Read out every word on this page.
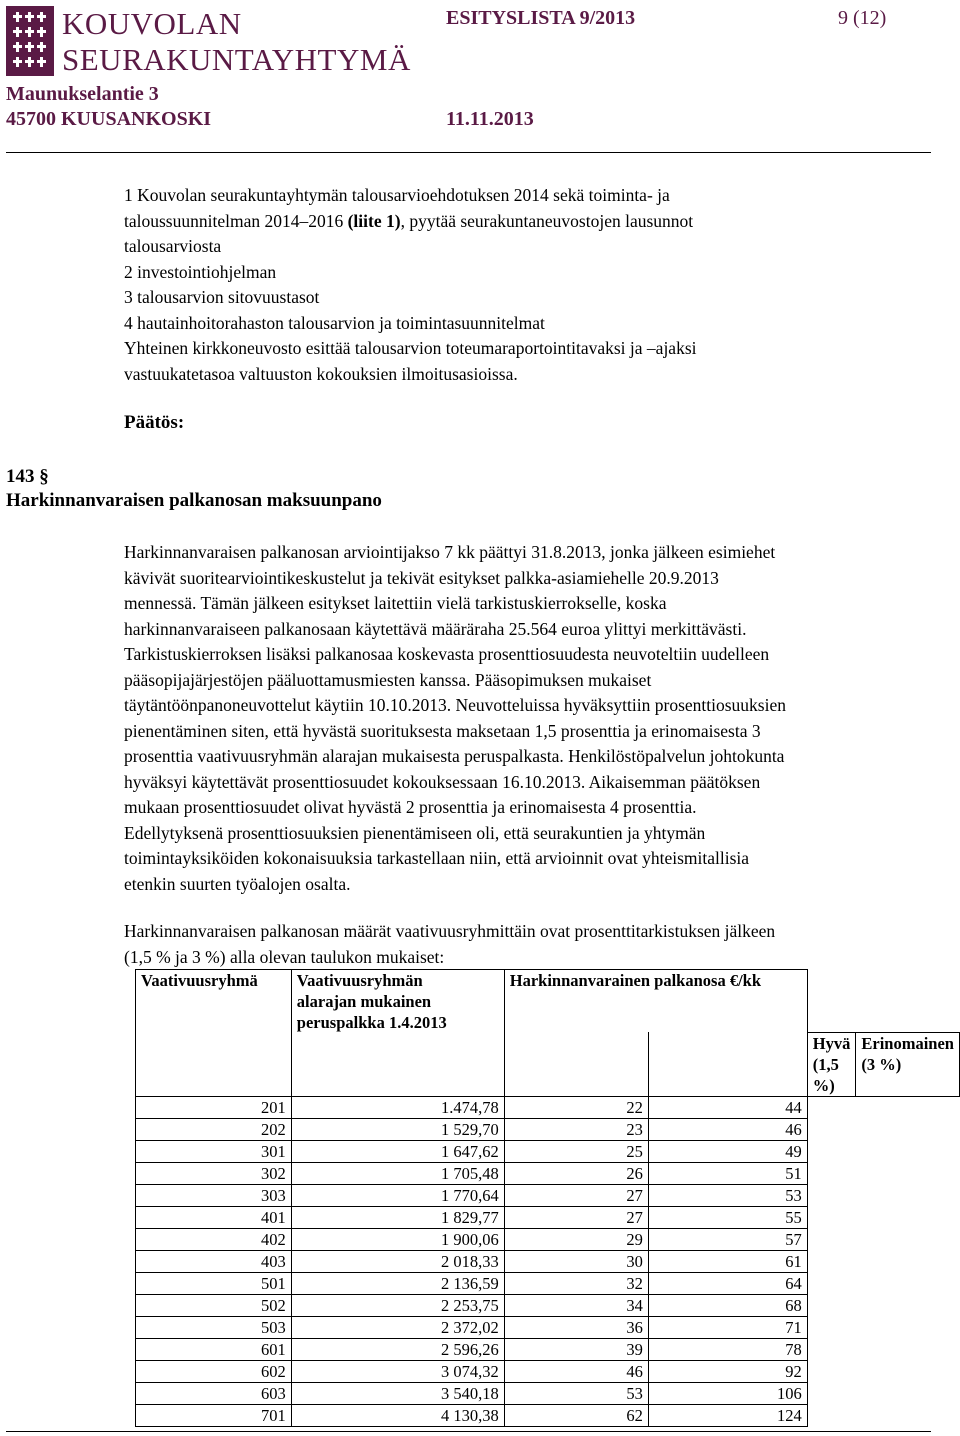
KOUVOLAN
SEURAKUNTAYHTYMÄ
Maunukselantie 3
45700 KUUSANKOSKI
ESITYSLISTA 9/2013	9 (12)
11.11.2013
1 Kouvolan seurakuntayhtymän talousarvioehdotuksen 2014 sekä toiminta- ja
taloussuunnitelman 2014–2016 (liite 1), pyytää seurakuntaneuvostojen lausunnot
talousarviosta
2 investointiohjelman
3 talousarvion sitovuustasot
4 hautainhoitorahaston talousarvion ja toimintasuunnitelmat
Yhteinen kirkkoneuvosto esittää talousarvion toteumaraportointitavaksi ja –ajaksi
vastuukatetasoa valtuuston kokouksien ilmoitusasioissa.
Päätös:
143 §
Harkinnanvaraisen palkanosan maksuunpano
Harkinnanvaraisen palkanosan arviointijakso 7 kk päättyi 31.8.2013, jonka jälkeen esimiehet
kävivät suoritearviointikeskustelut ja tekivät esitykset palkka-asiamiehelle 20.9.2013
mennessä. Tämän jälkeen esitykset laitettiin vielä tarkistuskierrokselle, koska
harkinnanvaraiseen palkanosaan käytettävä määräraha 25.564 euroa ylittyi merkittävästi.
Tarkistuskierroksen lisäksi palkanosaa koskevasta prosenttiosuudesta neuvoteltiin uudelleen
pääsopijajärjestöjen pääluottamusmiesten kanssa. Pääsopimuksen mukaiset
täytäntöönpanoneuvottelut käytiin 10.10.2013. Neuvotteluissa hyväksyttiin prosenttiosuuksien
pienentäminen siten, että hyvästä suorituksesta maksetaan 1,5 prosenttia ja erinomaisesta 3
prosenttia vaativuusryhmän alarajan mukaisesta peruspalkasta. Henkilöstöpalvelun johtokunta
hyväksyi käytettävät prosenttiosuudet kokouksessaan 16.10.2013. Aikaisemman päätöksen
mukaan prosenttiosuudet olivat hyvästä 2 prosenttia ja erinomaisesta 4 prosenttia.
Edellytyksenä prosenttiosuuksien pienentämiseen oli, että seurakuntien ja yhtymän
toimintayksiköiden kokonaisuuksia tarkastellaan niin, että arvioinnit ovat yhteismitallisia
etenkin suurten työalojen osalta.
Harkinnanvaraisen palkanosan määrät vaativuusryhmittäin ovat prosenttitarkistuksen jälkeen
(1,5 % ja 3 %) alla olevan taulukon mukaiset:
Vaativuusryhmä	Vaativuusryhmän
alarajan mukainen
peruspalkka 1.4.2013	Harkinnanvarainen palkanosa €/kk			
				Hyvä (1,5 %)	Erinomainen (3 %)
201	1.474,78	22	44		
202	1 529,70	23	46		
301	1 647,62	25	49		
302	1 705,48	26	51		
303	1 770,64	27	53		
401	1 829,77	27	55		
402	1 900,06	29	57		
403	2 018,33	30	61		
501	2 136,59	32	64		
502	2 253,75	34	68		
503	2 372,02	36	71		
601	2 596,26	39	78		
602	3 074,32	46	92		
603	3 540,18	53	106		
701	4 130,38	62	124		
